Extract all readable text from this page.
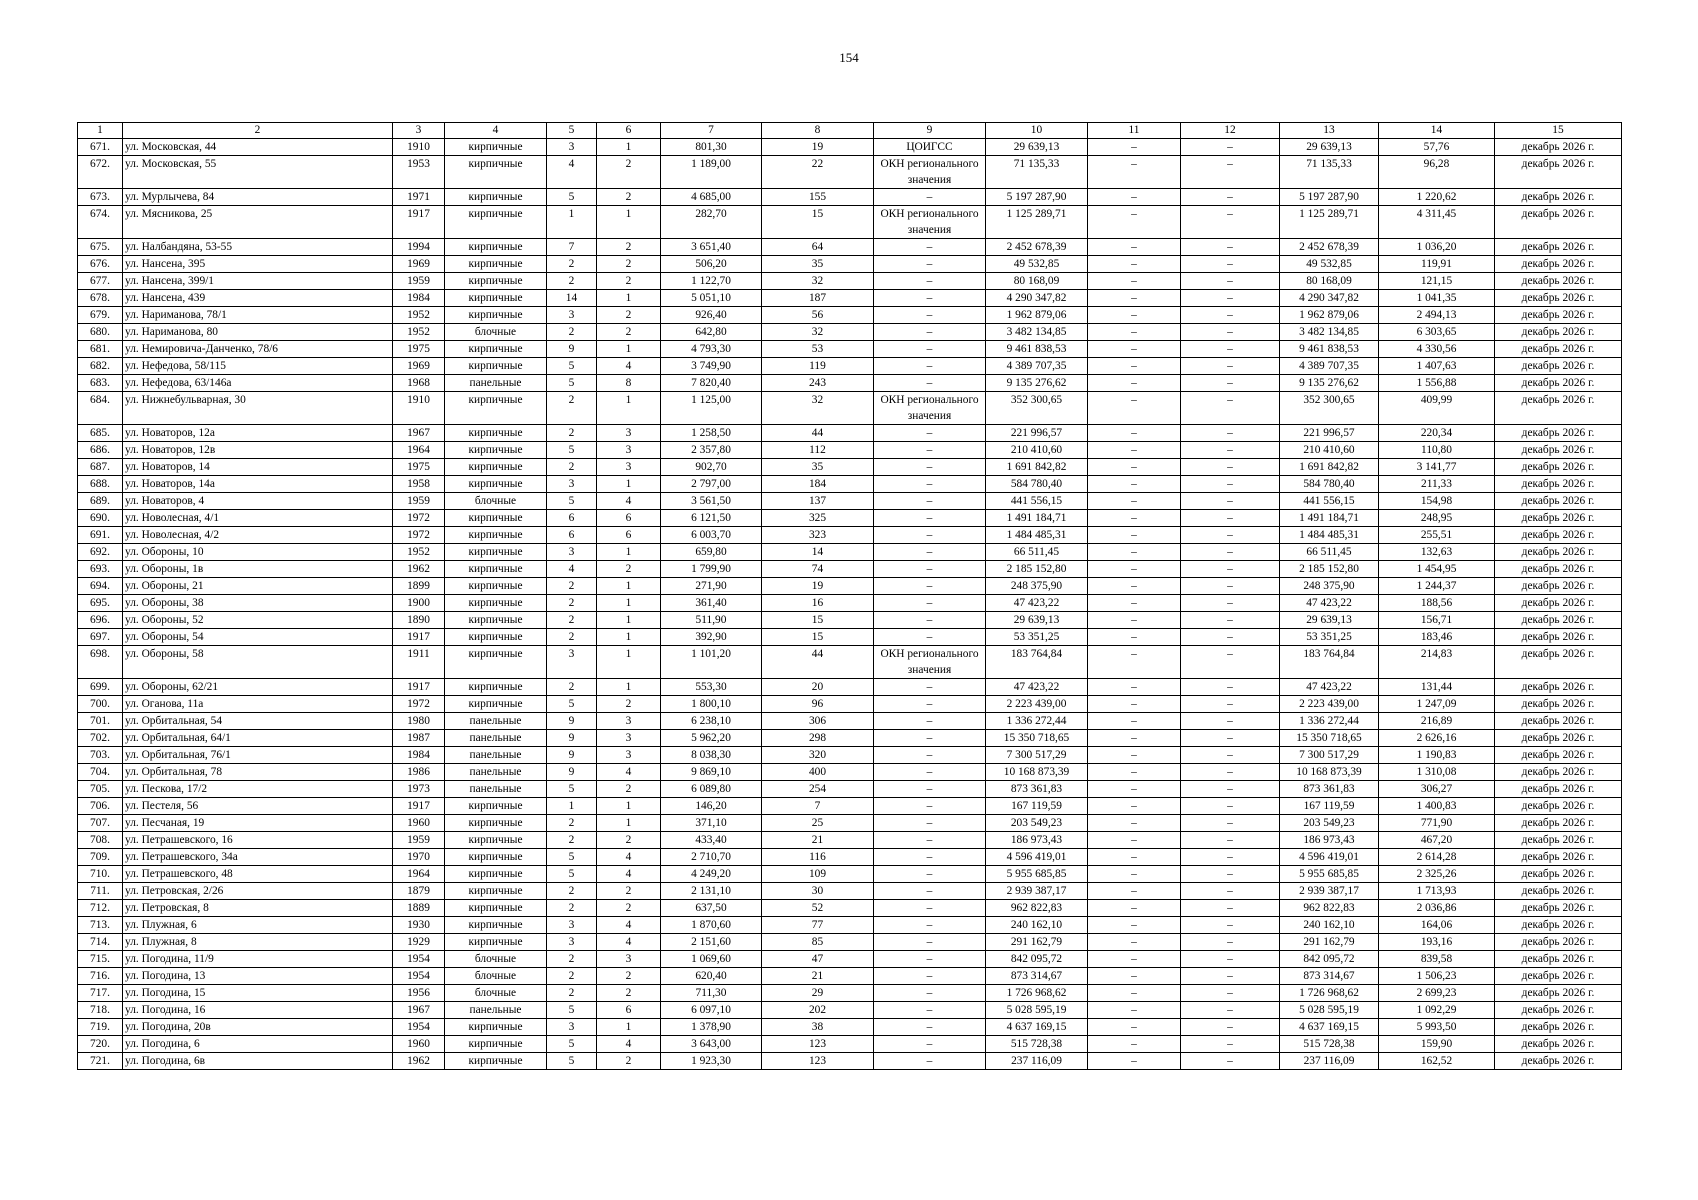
154
1	2	3	4	5	6	7	8	9	10	11	12	13	14	15
671.	ул. Московская, 44	1910	кирпичные	3	1	801,30	19	ЦОИГСС	29 639,13	–	–	29 639,13	57,76	декабрь 2026 г.
672.	ул. Московская, 55	1953	кирпичные	4	2	1 189,00	22	ОКН регионального значения	71 135,33	–	–	71 135,33	96,28	декабрь 2026 г.
673.	ул. Мурлычева, 84	1971	кирпичные	5	2	4 685,00	155	–	5 197 287,90	–	–	5 197 287,90	1 220,62	декабрь 2026 г.
674.	ул. Мясникова, 25	1917	кирпичные	1	1	282,70	15	ОКН регионального значения	1 125 289,71	–	–	1 125 289,71	4 311,45	декабрь 2026 г.
675.	ул. Налбандяна, 53-55	1994	кирпичные	7	2	3 651,40	64	–	2 452 678,39	–	–	2 452 678,39	1 036,20	декабрь 2026 г.
676.	ул. Нансена, 395	1969	кирпичные	2	2	506,20	35	–	49 532,85	–	–	49 532,85	119,91	декабрь 2026 г.
677.	ул. Нансена, 399/1	1959	кирпичные	2	2	1 122,70	32	–	80 168,09	–	–	80 168,09	121,15	декабрь 2026 г.
678.	ул. Нансена, 439	1984	кирпичные	14	1	5 051,10	187	–	4 290 347,82	–	–	4 290 347,82	1 041,35	декабрь 2026 г.
679.	ул. Нариманова, 78/1	1952	кирпичные	3	2	926,40	56	–	1 962 879,06	–	–	1 962 879,06	2 494,13	декабрь 2026 г.
680.	ул. Нариманова, 80	1952	блочные	2	2	642,80	32	–	3 482 134,85	–	–	3 482 134,85	6 303,65	декабрь 2026 г.
681.	ул. Немировича-Данченко, 78/6	1975	кирпичные	9	1	4 793,30	53	–	9 461 838,53	–	–	9 461 838,53	4 330,56	декабрь 2026 г.
682.	ул. Нефедова, 58/115	1969	кирпичные	5	4	3 749,90	119	–	4 389 707,35	–	–	4 389 707,35	1 407,63	декабрь 2026 г.
683.	ул. Нефедова, 63/146а	1968	панельные	5	8	7 820,40	243	–	9 135 276,62	–	–	9 135 276,62	1 556,88	декабрь 2026 г.
684.	ул. Нижнебульварная, 30	1910	кирпичные	2	1	1 125,00	32	ОКН регионального значения	352 300,65	–	–	352 300,65	409,99	декабрь 2026 г.
685.	ул. Новаторов, 12а	1967	кирпичные	2	3	1 258,50	44	–	221 996,57	–	–	221 996,57	220,34	декабрь 2026 г.
686.	ул. Новаторов, 12в	1964	кирпичные	5	3	2 357,80	112	–	210 410,60	–	–	210 410,60	110,80	декабрь 2026 г.
687.	ул. Новаторов, 14	1975	кирпичные	2	3	902,70	35	–	1 691 842,82	–	–	1 691 842,82	3 141,77	декабрь 2026 г.
688.	ул. Новаторов, 14а	1958	кирпичные	3	1	2 797,00	184	–	584 780,40	–	–	584 780,40	211,33	декабрь 2026 г.
689.	ул. Новаторов, 4	1959	блочные	5	4	3 561,50	137	–	441 556,15	–	–	441 556,15	154,98	декабрь 2026 г.
690.	ул. Новолесная, 4/1	1972	кирпичные	6	6	6 121,50	325	–	1 491 184,71	–	–	1 491 184,71	248,95	декабрь 2026 г.
691.	ул. Новолесная, 4/2	1972	кирпичные	6	6	6 003,70	323	–	1 484 485,31	–	–	1 484 485,31	255,51	декабрь 2026 г.
692.	ул. Обороны, 10	1952	кирпичные	3	1	659,80	14	–	66 511,45	–	–	66 511,45	132,63	декабрь 2026 г.
693.	ул. Обороны, 1в	1962	кирпичные	4	2	1 799,90	74	–	2 185 152,80	–	–	2 185 152,80	1 454,95	декабрь 2026 г.
694.	ул. Обороны, 21	1899	кирпичные	2	1	271,90	19	–	248 375,90	–	–	248 375,90	1 244,37	декабрь 2026 г.
695.	ул. Обороны, 38	1900	кирпичные	2	1	361,40	16	–	47 423,22	–	–	47 423,22	188,56	декабрь 2026 г.
696.	ул. Обороны, 52	1890	кирпичные	2	1	511,90	15	–	29 639,13	–	–	29 639,13	156,71	декабрь 2026 г.
697.	ул. Обороны, 54	1917	кирпичные	2	1	392,90	15	–	53 351,25	–	–	53 351,25	183,46	декабрь 2026 г.
698.	ул. Обороны, 58	1911	кирпичные	3	1	1 101,20	44	ОКН регионального значения	183 764,84	–	–	183 764,84	214,83	декабрь 2026 г.
699.	ул. Обороны, 62/21	1917	кирпичные	2	1	553,30	20	–	47 423,22	–	–	47 423,22	131,44	декабрь 2026 г.
700.	ул. Оганова, 11а	1972	кирпичные	5	2	1 800,10	96	–	2 223 439,00	–	–	2 223 439,00	1 247,09	декабрь 2026 г.
701.	ул. Орбитальная, 54	1980	панельные	9	3	6 238,10	306	–	1 336 272,44	–	–	1 336 272,44	216,89	декабрь 2026 г.
702.	ул. Орбитальная, 64/1	1987	панельные	9	3	5 962,20	298	–	15 350 718,65	–	–	15 350 718,65	2 626,16	декабрь 2026 г.
703.	ул. Орбитальная, 76/1	1984	панельные	9	3	8 038,30	320	–	7 300 517,29	–	–	7 300 517,29	1 190,83	декабрь 2026 г.
704.	ул. Орбитальная, 78	1986	панельные	9	4	9 869,10	400	–	10 168 873,39	–	–	10 168 873,39	1 310,08	декабрь 2026 г.
705.	ул. Пескова, 17/2	1973	панельные	5	2	6 089,80	254	–	873 361,83	–	–	873 361,83	306,27	декабрь 2026 г.
706.	ул. Пестеля, 56	1917	кирпичные	1	1	146,20	7	–	167 119,59	–	–	167 119,59	1 400,83	декабрь 2026 г.
707.	ул. Песчаная, 19	1960	кирпичные	2	1	371,10	25	–	203 549,23	–	–	203 549,23	771,90	декабрь 2026 г.
708.	ул. Петрашевского, 16	1959	кирпичные	2	2	433,40	21	–	186 973,43	–	–	186 973,43	467,20	декабрь 2026 г.
709.	ул. Петрашевского, 34а	1970	кирпичные	5	4	2 710,70	116	–	4 596 419,01	–	–	4 596 419,01	2 614,28	декабрь 2026 г.
710.	ул. Петрашевского, 48	1964	кирпичные	5	4	4 249,20	109	–	5 955 685,85	–	–	5 955 685,85	2 325,26	декабрь 2026 г.
711.	ул. Петровская, 2/26	1879	кирпичные	2	2	2 131,10	30	–	2 939 387,17	–	–	2 939 387,17	1 713,93	декабрь 2026 г.
712.	ул. Петровская, 8	1889	кирпичные	2	2	637,50	52	–	962 822,83	–	–	962 822,83	2 036,86	декабрь 2026 г.
713.	ул. Плужная, 6	1930	кирпичные	3	4	1 870,60	77	–	240 162,10	–	–	240 162,10	164,06	декабрь 2026 г.
714.	ул. Плужная, 8	1929	кирпичные	3	4	2 151,60	85	–	291 162,79	–	–	291 162,79	193,16	декабрь 2026 г.
715.	ул. Погодина, 11/9	1954	блочные	2	3	1 069,60	47	–	842 095,72	–	–	842 095,72	839,58	декабрь 2026 г.
716.	ул. Погодина, 13	1954	блочные	2	2	620,40	21	–	873 314,67	–	–	873 314,67	1 506,23	декабрь 2026 г.
717.	ул. Погодина, 15	1956	блочные	2	2	711,30	29	–	1 726 968,62	–	–	1 726 968,62	2 699,23	декабрь 2026 г.
718.	ул. Погодина, 16	1967	панельные	5	6	6 097,10	202	–	5 028 595,19	–	–	5 028 595,19	1 092,29	декабрь 2026 г.
719.	ул. Погодина, 20в	1954	кирпичные	3	1	1 378,90	38	–	4 637 169,15	–	–	4 637 169,15	5 993,50	декабрь 2026 г.
720.	ул. Погодина, 6	1960	кирпичные	5	4	3 643,00	123	–	515 728,38	–	–	515 728,38	159,90	декабрь 2026 г.
721.	ул. Погодина, 6в	1962	кирпичные	5	2	1 923,30	123	–	237 116,09	–	–	237 116,09	162,52	декабрь 2026 г.
